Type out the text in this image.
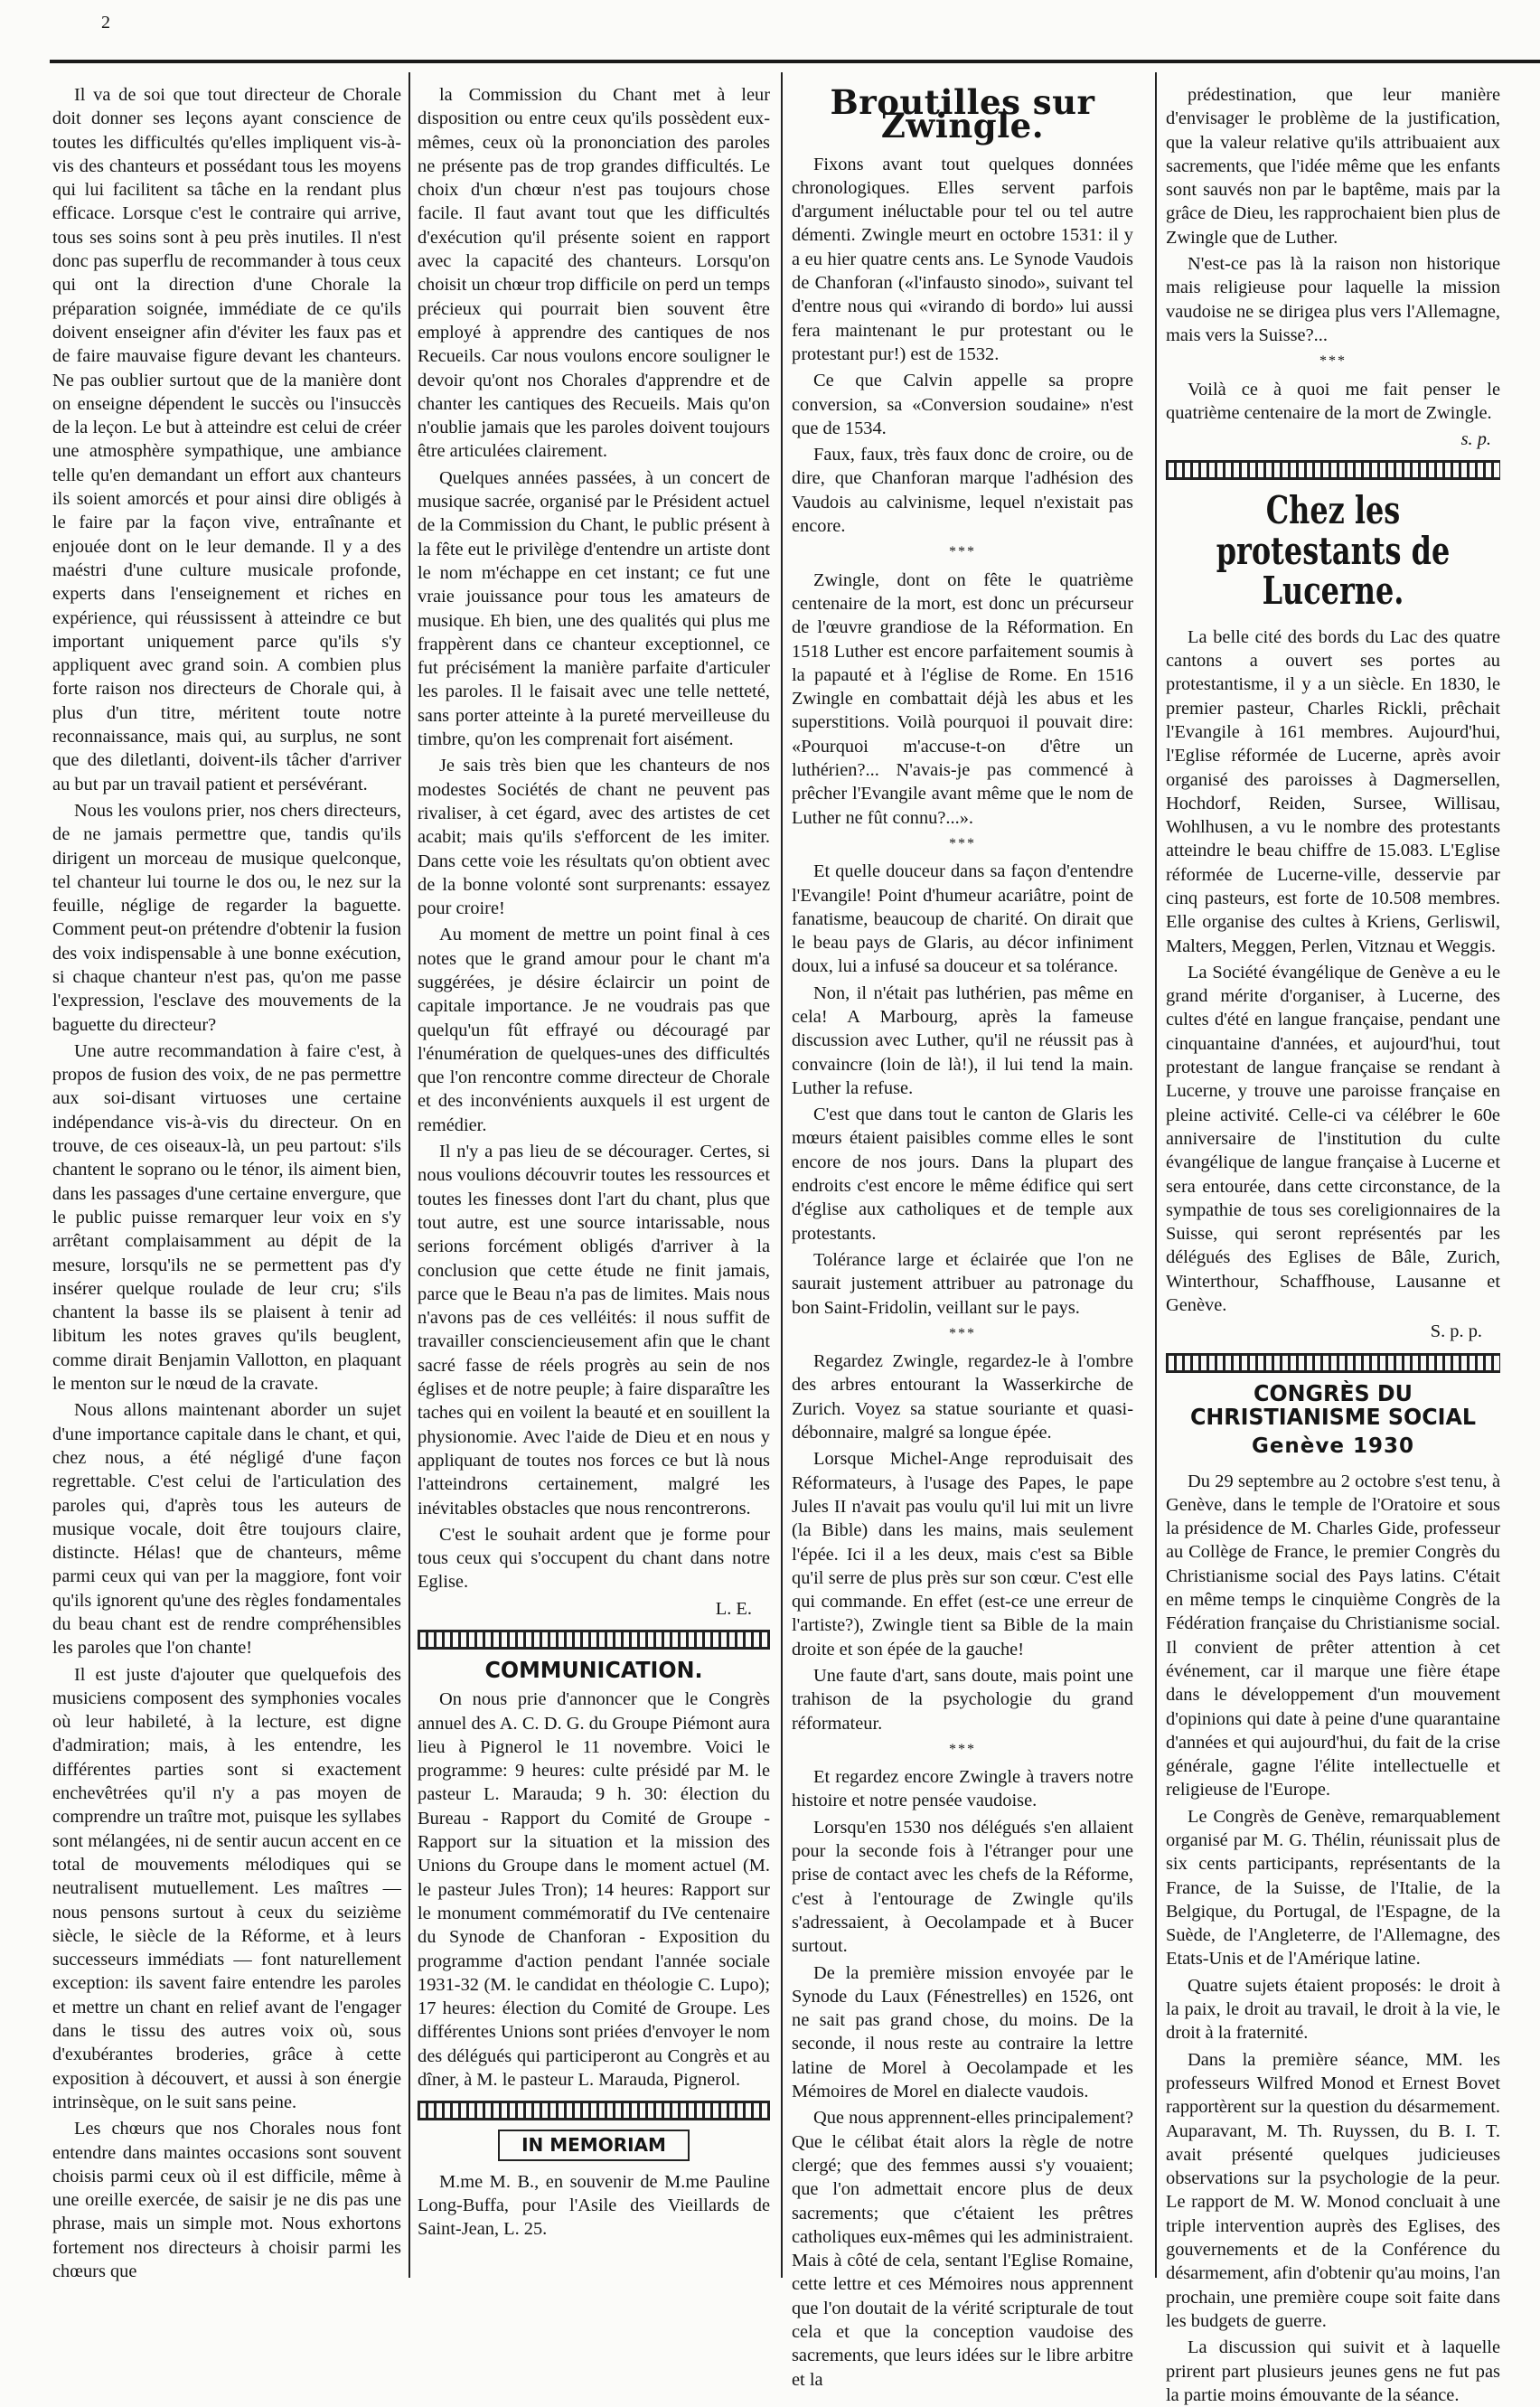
2

Il va de soi que tout directeur de Chorale doit donner ses leçons ayant conscience de toutes les difficultés qu'elles impliquent vis-à-vis des chanteurs et possédant tous les moyens qui lui facilitent sa tâche en la rendant plus efficace. Lorsque c'est le contraire qui arrive, tous ses soins sont à peu près inutiles. Il n'est donc pas superflu de recommander à tous ceux qui ont la direction d'une Chorale la préparation soignée, immédiate de ce qu'ils doivent enseigner afin d'éviter les faux pas et de faire mauvaise figure devant les chanteurs. Ne pas oublier surtout que de la manière dont on enseigne dépendent le succès ou l'insuccès de la leçon. Le but à atteindre est celui de créer une atmosphère sympathique, une ambiance telle qu'en demandant un effort aux chanteurs ils soient amorcés et pour ainsi dire obligés à le faire par la façon vive, entraînante et enjouée dont on le leur demande. Il y a des maéstri d'une culture musicale profonde, experts dans l'enseignement et riches en expérience, qui réussissent à atteindre ce but important uniquement parce qu'ils s'y appliquent avec grand soin. A combien plus forte raison nos directeurs de Chorale qui, à plus d'un titre, méritent toute notre reconnaissance, mais qui, au surplus, ne sont que des diletlanti, doivent-ils tâcher d'arriver au but par un travail patient et persévérant.

Nous les voulons prier, nos chers directeurs, de ne jamais permettre que, tandis qu'ils dirigent un morceau de musique quelconque, tel chanteur lui tourne le dos ou, le nez sur la feuille, néglige de regarder la baguette. Comment peut-on prétendre d'obtenir la fusion des voix indispensable à une bonne exécution, si chaque chanteur n'est pas, qu'on me passe l'expression, l'esclave des mouvements de la baguette du directeur?

Une autre recommandation à faire c'est, à propos de fusion des voix, de ne pas permettre aux soi-disant virtuoses une certaine indépendance vis-à-vis du directeur. On en trouve, de ces oiseaux-là, un peu partout: s'ils chantent le soprano ou le ténor, ils aiment bien, dans les passages d'une certaine envergure, que le public puisse remarquer leur voix en s'y arrêtant complaisamment au dépit de la mesure, lorsqu'ils ne se permettent pas d'y insérer quelque roulade de leur cru; s'ils chantent la basse ils se plaisent à tenir ad libitum les notes graves qu'ils beuglent, comme dirait Benjamin Vallotton, en plaquant le menton sur le nœud de la cravate.

Nous allons maintenant aborder un sujet d'une importance capitale dans le chant, et qui, chez nous, a été négligé d'une façon regrettable. C'est celui de l'articulation des paroles qui, d'après tous les auteurs de musique vocale, doit être toujours claire, distincte. Hélas! que de chanteurs, même parmi ceux qui van per la maggiore, font voir qu'ils ignorent qu'une des règles fondamentales du beau chant est de rendre compréhensibles les paroles que l'on chante!

Il est juste d'ajouter que quelquefois des musiciens composent des symphonies vocales où leur habileté, à la lecture, est digne d'admiration; mais, à les entendre, les différentes parties sont si exactement enchevêtrées qu'il n'y a pas moyen de comprendre un traître mot, puisque les syllabes sont mélangées, ni de sentir aucun accent en ce total de mouvements mélodiques qui se neutralisent mutuellement. Les maîtres — nous pensons surtout à ceux du seizième siècle, le siècle de la Réforme, et à leurs successeurs immédiats — font naturellement exception: ils savent faire entendre les paroles et mettre un chant en relief avant de l'engager dans le tissu des autres voix où, sous d'exubérantes broderies, grâce à cette exposition à découvert, et aussi à son énergie intrinsèque, on le suit sans peine.

Les chœurs que nos Chorales nous font entendre dans maintes occasions sont souvent choisis parmi ceux où il est difficile, même à une oreille exercée, de saisir je ne dis pas une phrase, mais un simple mot. Nous exhortons fortement nos directeurs à choisir parmi les chœurs que

la Commission du Chant met à leur disposition ou entre ceux qu'ils possèdent eux-mêmes, ceux où la prononciation des paroles ne présente pas de trop grandes difficultés. Le choix d'un chœur n'est pas toujours chose facile. Il faut avant tout que les difficultés d'exécution qu'il présente soient en rapport avec la capacité des chanteurs. Lorsqu'on choisit un chœur trop difficile on perd un temps précieux qui pourrait bien souvent être employé à apprendre des cantiques de nos Recueils. Car nous voulons encore souligner le devoir qu'ont nos Chorales d'apprendre et de chanter les cantiques des Recueils. Mais qu'on n'oublie jamais que les paroles doivent toujours être articulées clairement.

Quelques années passées, à un concert de musique sacrée, organisé par le Président actuel de la Commission du Chant, le public présent à la fête eut le privilège d'entendre un artiste dont le nom m'échappe en cet instant; ce fut une vraie jouissance pour tous les amateurs de musique. Eh bien, une des qualités qui plus me frappèrent dans ce chanteur exceptionnel, ce fut précisément la manière parfaite d'articuler les paroles. Il le faisait avec une telle netteté, sans porter atteinte à la pureté merveilleuse du timbre, qu'on les comprenait fort aisément.

Je sais très bien que les chanteurs de nos modestes Sociétés de chant ne peuvent pas rivaliser, à cet égard, avec des artistes de cet acabit; mais qu'ils s'efforcent de les imiter. Dans cette voie les résultats qu'on obtient avec de la bonne volonté sont surprenants: essayez pour croire!

Au moment de mettre un point final à ces notes que le grand amour pour le chant m'a suggérées, je désire éclaircir un point de capitale importance. Je ne voudrais pas que quelqu'un fût effrayé ou découragé par l'énumération de quelques-unes des difficultés que l'on rencontre comme directeur de Chorale et des inconvénients auxquels il est urgent de remédier.

Il n'y a pas lieu de se décourager. Certes, si nous voulions découvrir toutes les ressources et toutes les finesses dont l'art du chant, plus que tout autre, est une source intarissable, nous serions forcément obligés d'arriver à la conclusion que cette étude ne finit jamais, parce que le Beau n'a pas de limites. Mais nous n'avons pas de ces velléités: il nous suffit de travailler consciencieusement afin que le chant sacré fasse de réels progrès au sein de nos églises et de notre peuple; à faire disparaître les taches qui en voilent la beauté et en souillent la physionomie. Avec l'aide de Dieu et en nous y appliquant de toutes nos forces ce but là nous l'atteindrons certainement, malgré les inévitables obstacles que nous rencontrerons.

C'est le souhait ardent que je forme pour tous ceux qui s'occupent du chant dans notre Eglise.

L. E.
COMMUNICATION.

On nous prie d'annoncer que le Congrès annuel des A. C. D. G. du Groupe Piémont aura lieu à Pignerol le 11 novembre. Voici le programme: 9 heures: culte présidé par M. le pasteur L. Marauda; 9 h. 30: élection du Bureau - Rapport du Comité de Groupe - Rapport sur la situation et la mission des Unions du Groupe dans le moment actuel (M. le pasteur Jules Tron); 14 heures: Rapport sur le monument commémoratif du IVe centenaire du Synode de Chanforan - Exposition du programme d'action pendant l'année sociale 1931-32 (M. le candidat en théologie C. Lupo); 17 heures: élection du Comité de Groupe. Les différentes Unions sont priées d'envoyer le nom des délégués qui participeront au Congrès et au dîner, à M. le pasteur L. Marauda, Pignerol.

IN MEMORIAM

M.me M. B., en souvenir de M.me Pauline Long-Buffa, pour l'Asile des Vieillards de Saint-Jean, L. 25.

Broutilles sur Zwingle.

Fixons avant tout quelques données chronologiques. Elles servent parfois d'argument inéluctable pour tel ou tel autre démenti. Zwingle meurt en octobre 1531: il y a eu hier quatre cents ans. Le Synode Vaudois de Chanforan («l'infausto sinodo», suivant tel d'entre nous qui «virando di bordo» lui aussi fera maintenant le pur protestant ou le protestant pur!) est de 1532.

Ce que Calvin appelle sa propre conversion, sa «Conversion soudaine» n'est que de 1534.

Faux, faux, très faux donc de croire, ou de dire, que Chanforan marque l'adhésion des Vaudois au calvinisme, lequel n'existait pas encore.

***

Zwingle, dont on fête le quatrième centenaire de la mort, est donc un précurseur de l'œuvre grandiose de la Réformation. En 1518 Luther est encore parfaitement soumis à la papauté et à l'église de Rome. En 1516 Zwingle en combattait déjà les abus et les superstitions. Voilà pourquoi il pouvait dire: «Pourquoi m'accuse-t-on d'être un luthérien?... N'avais-je pas commencé à prêcher l'Evangile avant même que le nom de Luther ne fût connu?...».

***

Et quelle douceur dans sa façon d'entendre l'Evangile! Point d'humeur acariâtre, point de fanatisme, beaucoup de charité. On dirait que le beau pays de Glaris, au décor infiniment doux, lui a infusé sa douceur et sa tolérance.

Non, il n'était pas luthérien, pas même en cela! A Marbourg, après la fameuse discussion avec Luther, qu'il ne réussit pas à convaincre (loin de là!), il lui tend la main. Luther la refuse.

C'est que dans tout le canton de Glaris les mœurs étaient paisibles comme elles le sont encore de nos jours. Dans la plupart des endroits c'est encore le même édifice qui sert d'église aux catholiques et de temple aux protestants.

Tolérance large et éclairée que l'on ne saurait justement attribuer au patronage du bon Saint-Fridolin, veillant sur le pays.

***

Regardez Zwingle, regardez-le à l'ombre des arbres entourant la Wasserkirche de Zurich. Voyez sa statue souriante et quasi-débonnaire, malgré sa longue épée.

Lorsque Michel-Ange reproduisait des Réformateurs, à l'usage des Papes, le pape Jules II n'avait pas voulu qu'il lui mit un livre (la Bible) dans les mains, mais seulement l'épée. Ici il a les deux, mais c'est sa Bible qu'il serre de plus près sur son cœur. C'est elle qui commande. En effet (est-ce une erreur de l'artiste?), Zwingle tient sa Bible de la main droite et son épée de la gauche!

Une faute d'art, sans doute, mais point une trahison de la psychologie du grand réformateur.

***

Et regardez encore Zwingle à travers notre histoire et notre pensée vaudoise.

Lorsqu'en 1530 nos délégués s'en allaient pour la seconde fois à l'étranger pour une prise de contact avec les chefs de la Réforme, c'est à l'entourage de Zwingle qu'ils s'adressaient, à Oecolampade et à Bucer surtout.

De la première mission envoyée par le Synode du Laux (Fénestrelles) en 1526, ont ne sait pas grand chose, du moins. De la seconde, il nous reste au contraire la lettre latine de Morel à Oecolampade et les Mémoires de Morel en dialecte vaudois.

Que nous apprennent-elles principalement? Que le célibat était alors la règle de notre clergé; que des femmes aussi s'y vouaient; que l'on admettait encore plus de deux sacrements; que c'étaient les prêtres catholiques eux-mêmes qui les administraient. Mais à côté de cela, sentant l'Eglise Romaine, cette lettre et ces Mémoires nous apprennent que l'on doutait de la vérité scripturale de tout cela et que la conception vaudoise des sacrements, que leurs idées sur le libre arbitre et la

prédestination, que leur manière d'envisager le problème de la justification, que la valeur relative qu'ils attribuaient aux sacrements, que l'idée même que les enfants sont sauvés non par le baptême, mais par la grâce de Dieu, les rapprochaient bien plus de Zwingle que de Luther.

N'est-ce pas là la raison non historique mais religieuse pour laquelle la mission vaudoise ne se dirigea plus vers l'Allemagne, mais vers la Suisse?...

***

Voilà ce à quoi me fait penser le quatrième centenaire de la mort de Zwingle.

s. p.
Chez les protestants de Lucerne.

La belle cité des bords du Lac des quatre cantons a ouvert ses portes au protestantisme, il y a un siècle. En 1830, le premier pasteur, Charles Rickli, prêchait l'Evangile à 161 membres. Aujourd'hui, l'Eglise réformée de Lucerne, après avoir organisé des paroisses à Dagmersellen, Hochdorf, Reiden, Sursee, Willisau, Wohlhusen, a vu le nombre des protestants atteindre le beau chiffre de 15.083. L'Eglise réformée de Lucerne-ville, desservie par cinq pasteurs, est forte de 10.508 membres. Elle organise des cultes à Kriens, Gerliswil, Malters, Meggen, Perlen, Vitznau et Weggis.

La Société évangélique de Genève a eu le grand mérite d'organiser, à Lucerne, des cultes d'été en langue française, pendant une cinquantaine d'années, et aujourd'hui, tout protestant de langue française se rendant à Lucerne, y trouve une paroisse française en pleine activité. Celle-ci va célébrer le 60e anniversaire de l'institution du culte évangélique de langue française à Lucerne et sera entourée, dans cette circonstance, de la sympathie de tous ses coreligionnaires de la Suisse, qui seront représentés par les délégués des Eglises de Bâle, Zurich, Winterthour, Schaffhouse, Lausanne et Genève.

S. p. p.
CONGRÈS DU CHRISTIANISME SOCIAL
Genève 1930

Du 29 septembre au 2 octobre s'est tenu, à Genève, dans le temple de l'Oratoire et sous la présidence de M. Charles Gide, professeur au Collège de France, le premier Congrès du Christianisme social des Pays latins. C'était en même temps le cinquième Congrès de la Fédération française du Christianisme social. Il convient de prêter attention à cet événement, car il marque une fière étape dans le développement d'un mouvement d'opinions qui date à peine d'une quarantaine d'années et qui aujourd'hui, du fait de la crise générale, gagne l'élite intellectuelle et religieuse de l'Europe.

Le Congrès de Genève, remarquablement organisé par M. G. Thélin, réunissait plus de six cents participants, représentants de la France, de la Suisse, de l'Italie, de la Belgique, du Portugal, de l'Espagne, de la Suède, de l'Angleterre, de l'Allemagne, des Etats-Unis et de l'Amérique latine.

Quatre sujets étaient proposés: le droit à la paix, le droit au travail, le droit à la vie, le droit à la fraternité.

Dans la première séance, MM. les professeurs Wilfred Monod et Ernest Bovet rapportèrent sur la question du désarmement. Auparavant, M. Th. Ruyssen, du B. I. T. avait présenté quelques judicieuses observations sur la psychologie de la peur. Le rapport de M. W. Monod concluait à une triple intervention auprès des Eglises, des gouvernements et de la Conférence du désarmement, afin d'obtenir qu'au moins, l'an prochain, une première coupe soit faite dans les budgets de guerre.

La discussion qui suivit et à laquelle prirent part plusieurs jeunes gens ne fut pas la partie moins émouvante de la séance.
